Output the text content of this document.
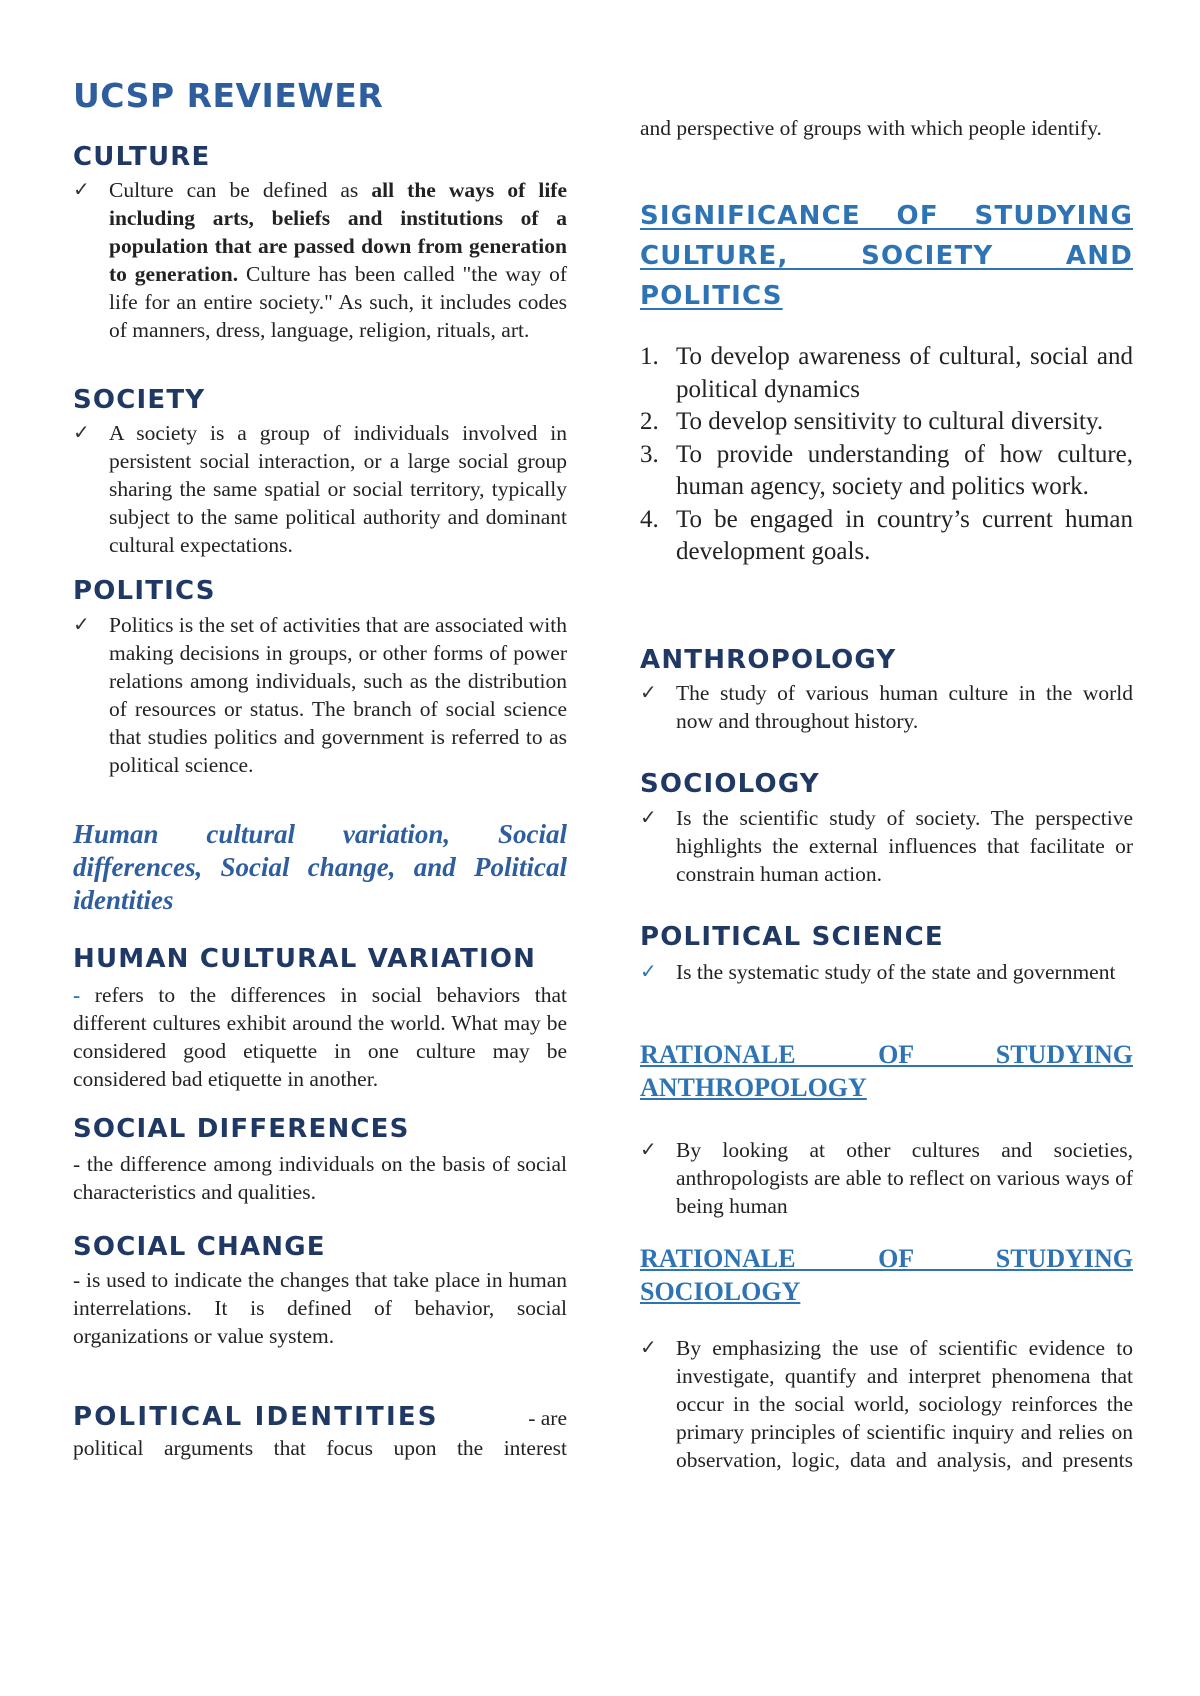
UCSP REVIEWER
CULTURE
✓ Culture can be defined as all the ways of life including arts, beliefs and institutions of a population that are passed down from generation to generation. Culture has been called "the way of life for an entire society." As such, it includes codes of manners, dress, language, religion, rituals, art.
SOCIETY
✓ A society is a group of individuals involved in persistent social interaction, or a large social group sharing the same spatial or social territory, typically subject to the same political authority and dominant cultural expectations.
POLITICS
✓ Politics is the set of activities that are associated with making decisions in groups, or other forms of power relations among individuals, such as the distribution of resources or status. The branch of social science that studies politics and government is referred to as political science.

Human cultural variation, Social differences, Social change, and Political identities

HUMAN CULTURAL VARIATION

- refers to the differences in social behaviors that different cultures exhibit around the world. What may be considered good etiquette in one culture may be considered bad etiquette in another.

SOCIAL DIFFERENCES

- the difference among individuals on the basis of social characteristics and qualities.

SOCIAL CHANGE

- is used to indicate the changes that take place in human interrelations. It is defined of behavior, social organizations or value system.

POLITICAL IDENTITIES	- are

political arguments that focus upon the interest

and perspective of groups with which people identify.

SIGNIFICANCE OF STUDYING
CULTURE, SOCIETY AND
POLITICS
1. To develop awareness of cultural, social and political dynamics
2. To develop sensitivity to cultural diversity.
3. To provide understanding of how culture, human agency, society and politics work.
4. To be engaged in country’s current human development goals.
ANTHROPOLOGY
✓ The study of various human culture in the world now and throughout history.
SOCIOLOGY
✓ Is the scientific study of society. The perspective highlights the external influences that facilitate or constrain human action.
POLITICAL SCIENCE
✓ Is the systematic study of the state and government
RATIONALE OF STUDYING
ANTHROPOLOGY
✓ By looking at other cultures and societies, anthropologists are able to reflect on various ways of being human
RATIONALE OF STUDYING
SOCIOLOGY
✓ By emphasizing the use of scientific evidence to investigate, quantify and interpret phenomena that occur in the social world, sociology reinforces the primary principles of scientific inquiry and relies on observation, logic, data and analysis, and presents
